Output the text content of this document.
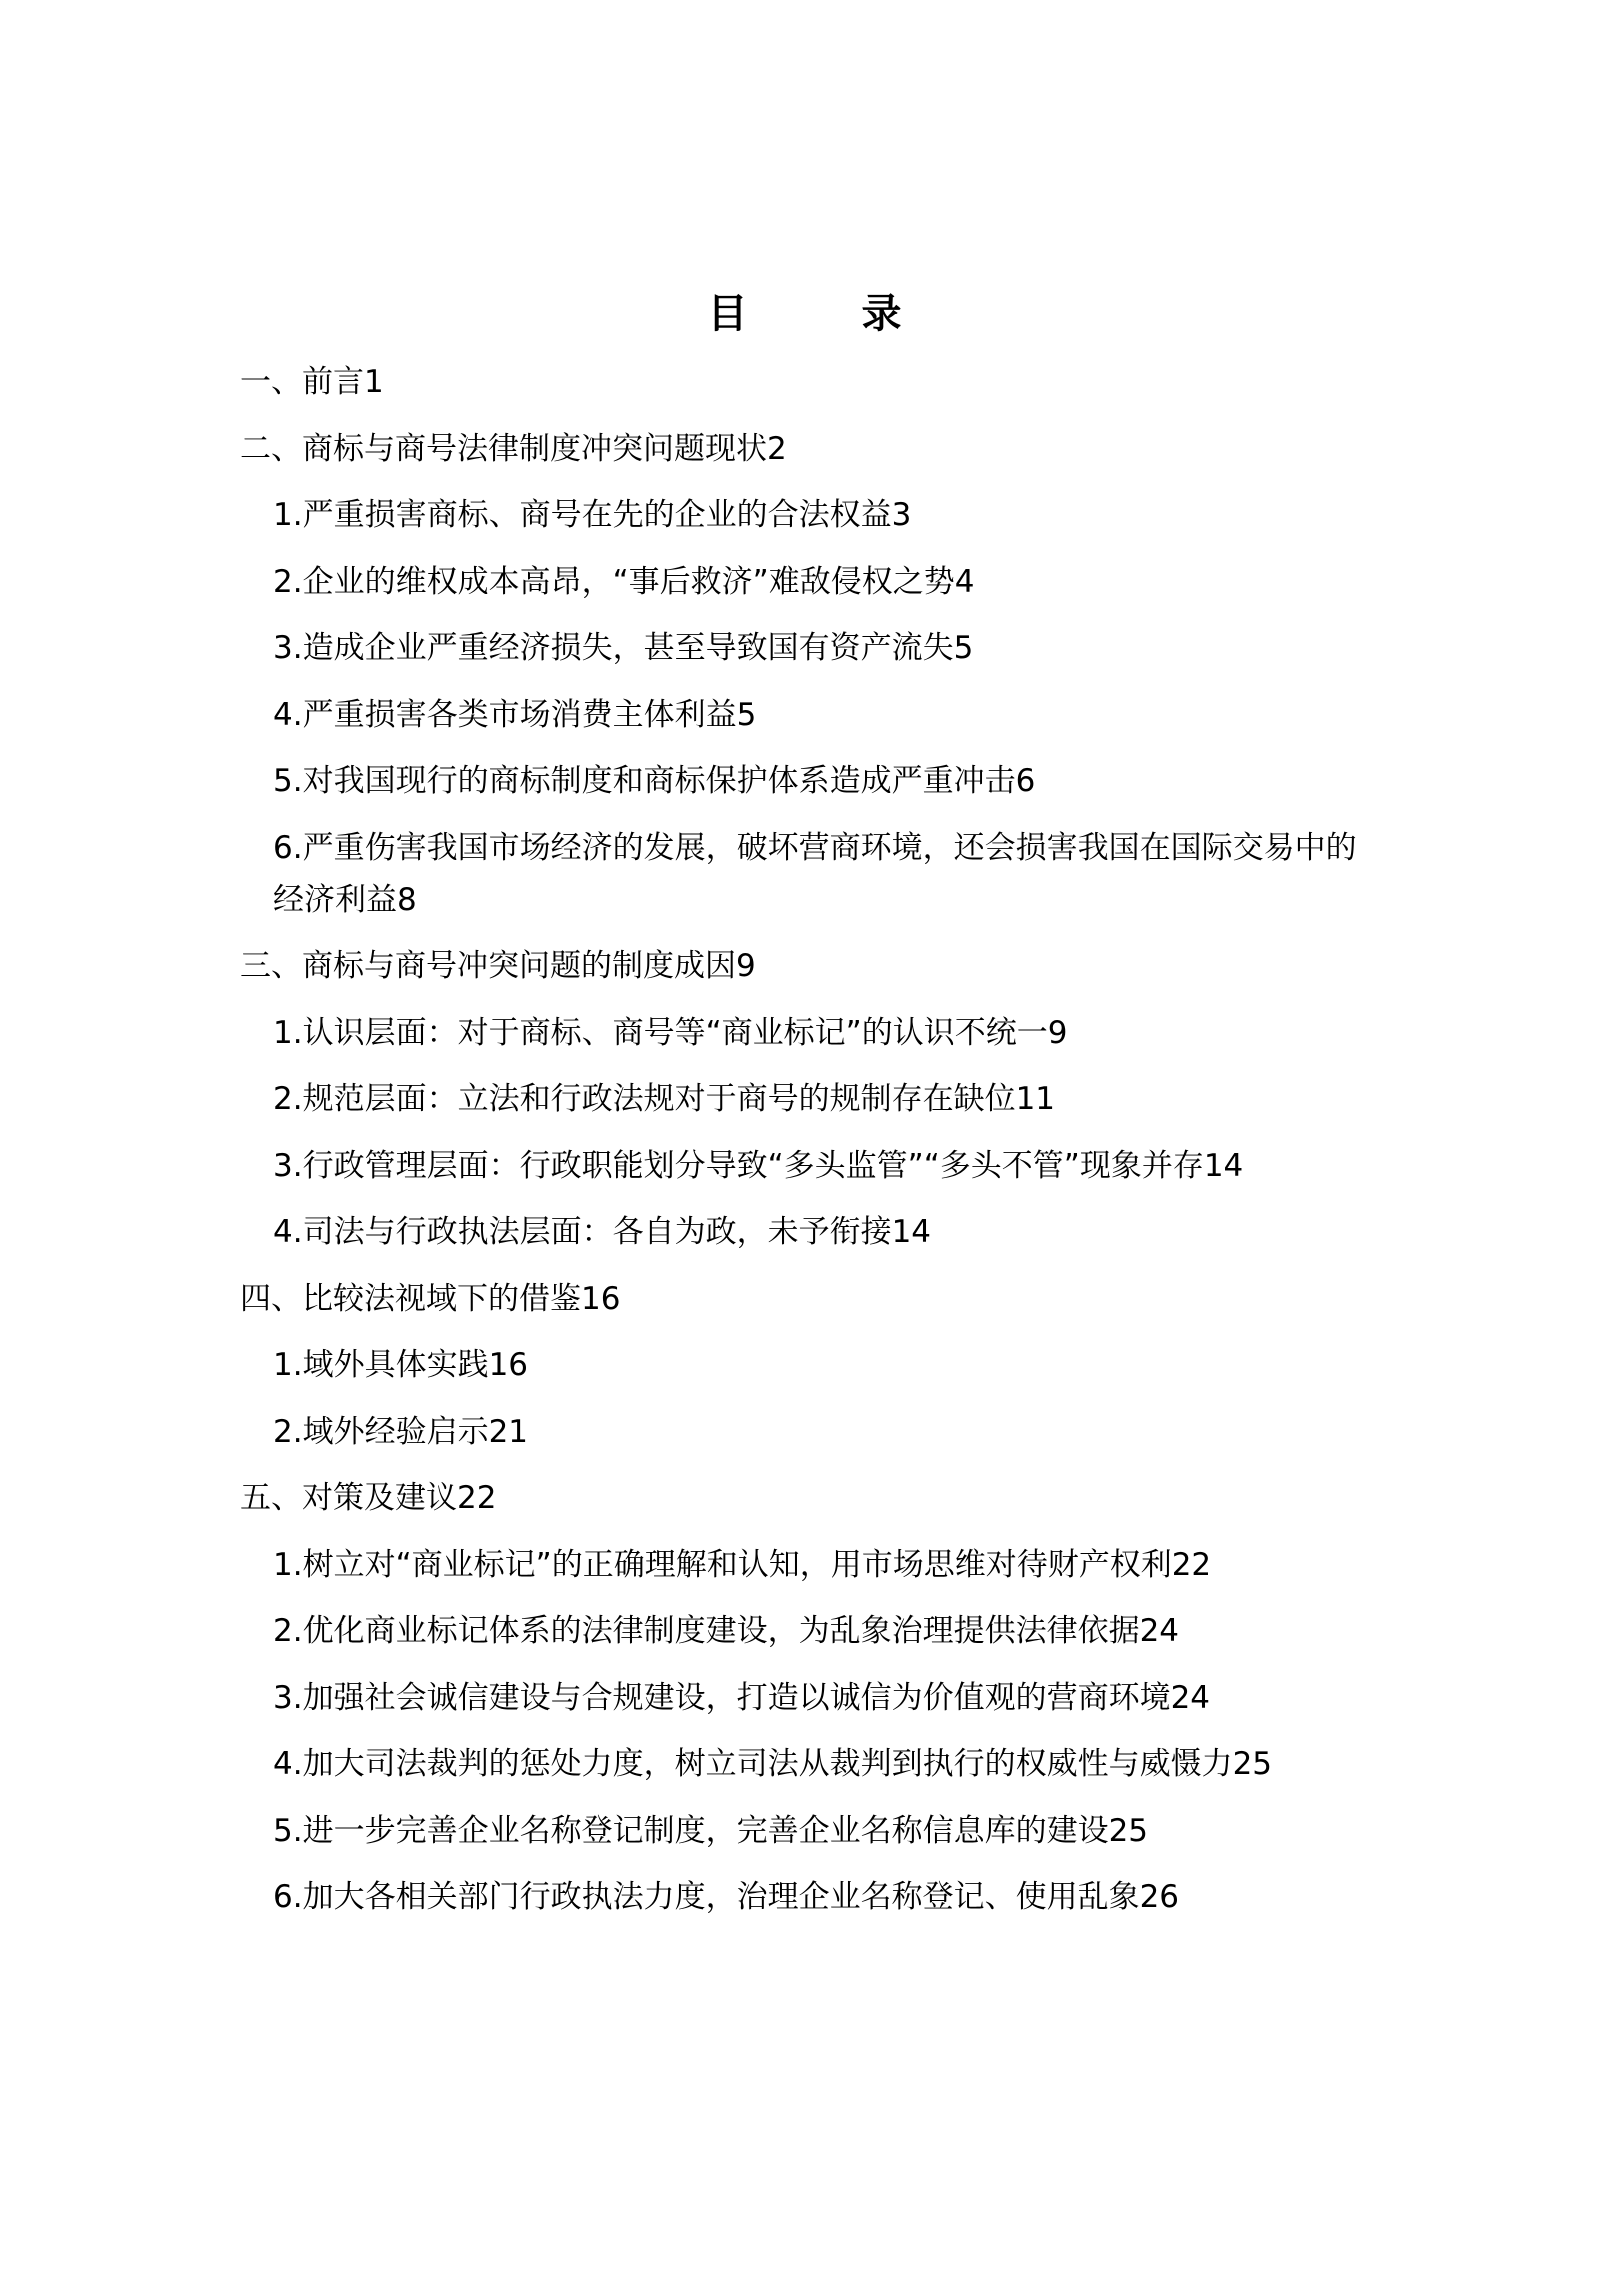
目 录
一、前言1
二、商标与商号法律制度冲突问题现状2
1.严重损害商标、商号在先的企业的合法权益3
2.企业的维权成本高昂，“事后救济”难敌侵权之势4
3.造成企业严重经济损失，甚至导致国有资产流失5
4.严重损害各类市场消费主体利益5
5.对我国现行的商标制度和商标保护体系造成严重冲击6
6.严重伤害我国市场经济的发展，破坏营商环境，还会损害我国在国际交易中的经济利益8
三、商标与商号冲突问题的制度成因9
1.认识层面：对于商标、商号等“商业标记”的认识不统一9
2.规范层面：立法和行政法规对于商号的规制存在缺位11
3.行政管理层面：行政职能划分导致“多头监管”“多头不管”现象并存14
4.司法与行政执法层面：各自为政，未予衔接14
四、比较法视域下的借鉴16
1.域外具体实践16
2.域外经验启示21
五、对策及建议22
1.树立对“商业标记”的正确理解和认知，用市场思维对待财产权利22
2.优化商业标记体系的法律制度建设，为乱象治理提供法律依据24
3.加强社会诚信建设与合规建设，打造以诚信为价值观的营商环境24
4.加大司法裁判的惩处力度，树立司法从裁判到执行的权威性与威慑力25
5.进一步完善企业名称登记制度，完善企业名称信息库的建设25
6.加大各相关部门行政执法力度，治理企业名称登记、使用乱象26
